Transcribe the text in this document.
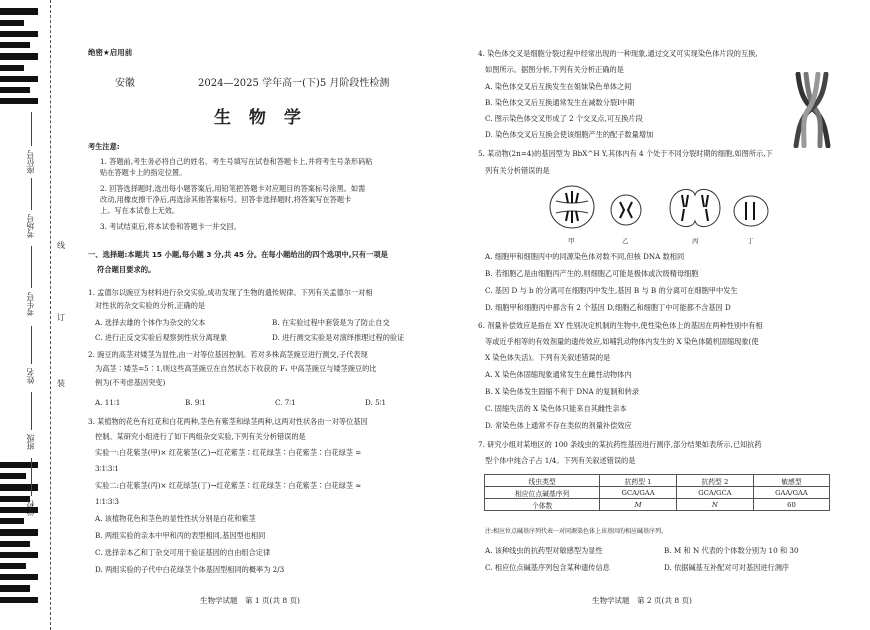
座位号
考场号
考生号
姓名
班级
学校
线
订
装
绝密★启用前
安徽	2024—2025 学年高一(下)5 月阶段性检测
生 物 学
考生注意:
1. 答题前,考生务必将自己的姓名、考生号填写在试卷和答题卡上,并将考生号条形码粘
贴在答题卡上的指定位置。
2. 回答选择题时,选出每小题答案后,用铅笔把答题卡对应题目的答案标号涂黑。如需
改动,用橡皮擦干净后,再选涂其他答案标号。回答非选择题时,将答案写在答题卡
上。写在本试卷上无效。
3. 考试结束后,将本试卷和答题卡一并交回。
一、选择题:本题共 15 小题,每小题 3 分,共 45 分。在每小题给出的四个选项中,只有一项是
符合题目要求的。
1. 孟德尔以豌豆为材料进行杂交实验,成功发现了生物的遗传规律。下列有关孟德尔一对相
对性状的杂交实验的分析,正确的是
A. 选择去雄的个体作为杂交的父本	B. 在实验过程中套袋是为了防止自交
C. 进行正反交实验后观察到性状分离现象	D. 进行测交实验是对演绎推理过程的验证
2. 豌豆的高茎对矮茎为显性,由一对等位基因控制。若对多株高茎豌豆进行测交,子代表现
为高茎∶矮茎=5∶1,则这些高茎豌豆在自然状态下收获的 F₁ 中高茎豌豆与矮茎豌豆的比
例为(不考虑基因突变)
A. 11∶1	B. 9∶1	C. 7∶1	D. 5∶1
3. 某植物的花色有红花和白花两种,茎色有紫茎和绿茎两种,这两对性状各由一对等位基因
控制。某研究小组进行了如下两组杂交实验,下列有关分析错误的是
实验一:白花紫茎(甲)× 红花紫茎(乙)→红花紫茎∶红花绿茎∶白花紫茎∶白花绿茎 =
3∶1∶3∶1
实验二:白花紫茎(丙)× 红花绿茎(丁)→红花紫茎∶红花绿茎∶白花紫茎∶白花绿茎 ≈
1∶1∶3∶3
A. 该植物花色和茎色的显性性状分别是白花和紫茎
B. 两组实验的亲本中甲和丙的表型相同,基因型也相同
C. 选择亲本乙和丁杂交可用于验证基因的自由组合定律
D. 两组实验的子代中白花绿茎个体基因型相同的概率为 2/3
生物学试题　第 1 页(共 8 页)
4. 染色体交叉是细胞分裂过程中经常出现的一种现象,通过交叉可实现染色体片段的互换,
如图所示。据图分析,下列有关分析正确的是
A. 染色体交叉后互换发生在姐妹染色单体之间
B. 染色体交叉后互换通常发生在减数分裂Ⅰ中期
C. 图示染色体交叉形成了 2 个交叉点,可互换片段
D. 染色体交叉后互换会使该细胞产生的配子数量增加
5. 某动物(2n=4)的基因型为 BbX^H Y,其体内有 4 个处于不同分裂时期的细胞,如图所示,下
列有关分析错误的是
甲	乙	丙	丁
A. 细胞甲和细胞丙中的同源染色体对数不同,但核 DNA 数相同
B. 若细胞乙是由细胞丙产生的,则细胞乙可能是极体或次级精母细胞
C. 基因 D 与 b 的分离可在细胞丙中发生,基因 B 与 B 的分离可在细胞甲中发生
D. 细胞甲和细胞丙中都含有 2 个基因 D,细胞乙和细胞丁中可能都不含基因 D
6. 剂量补偿效应是指在 XY 性别决定机制的生物中,使性染色体上的基因在两种性别中有相
等或近乎相等的有效剂量的遗传效应,如哺乳动物体内发生的 X 染色体随机固缩现象(使
X 染色体失活)。下列有关叙述错误的是
A. X 染色体固缩现象通常发生在雌性动物体内
B. X 染色体发生固缩不利于 DNA 的复制和转录
C. 固缩失活的 X 染色体只能来自其雌性亲本
D. 常染色体上通常不存在类似的剂量补偿效应
7. 研究小组对某地区的 100 条线虫的某抗药性基因进行测序,部分结果如表所示,已知抗药
型个体中纯合子占 1/4。下列有关叙述错误的是
线虫类型	抗药型 1	抗药型 2	敏感型
相应位点碱基序列	GCA/GAA	GCA/GCA	GAA/GAA
个体数	M	N	60
注:相应位点碱基序列代表一对同源染色体上该基因的相应碱基序列。
A. 该种线虫的抗药型对敏感型为显性	B. M 和 N 代表的个体数分别为 10 和 30
C. 相应位点碱基序列包含某种遗传信息	D. 依据碱基互补配对可对基因进行测序
生物学试题　第 2 页(共 8 页)
